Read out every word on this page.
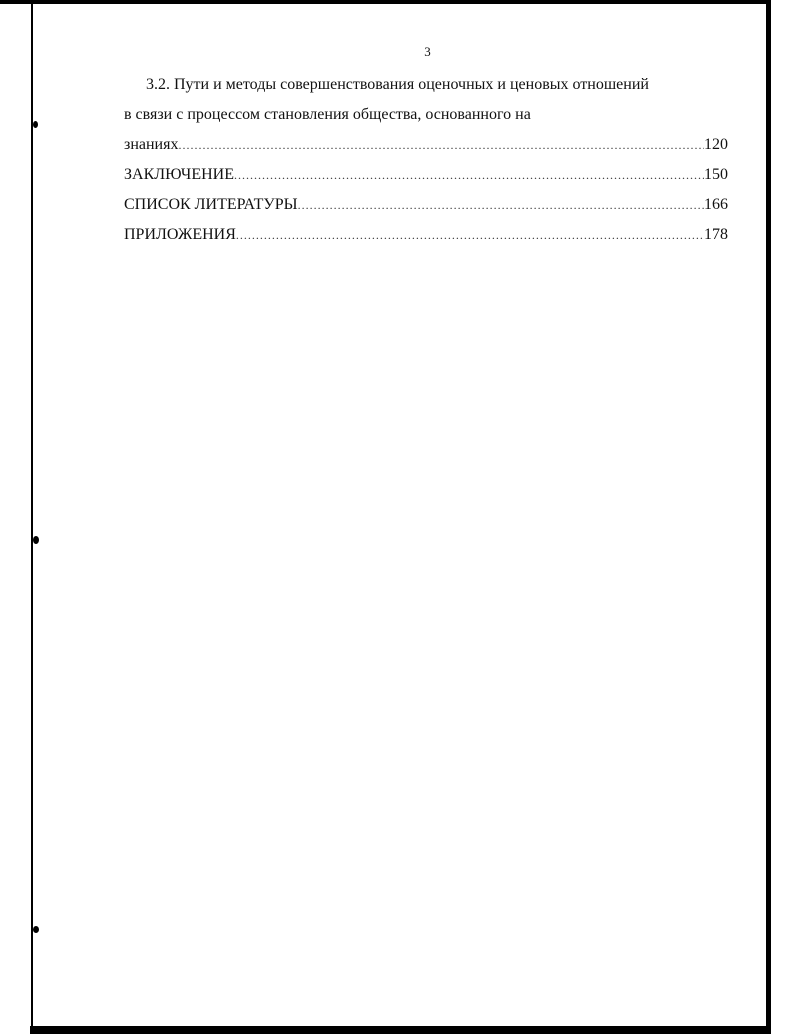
3
3.2. Пути и методы совершенствования оценочных и ценовых отношений
в связи с процессом становления общества, основанного на
знаниях .....	120
ЗАКЛЮЧЕНИЕ .....	150
СПИСОК ЛИТЕРАТУРЫ .....	166
ПРИЛОЖЕНИЯ .....	178
